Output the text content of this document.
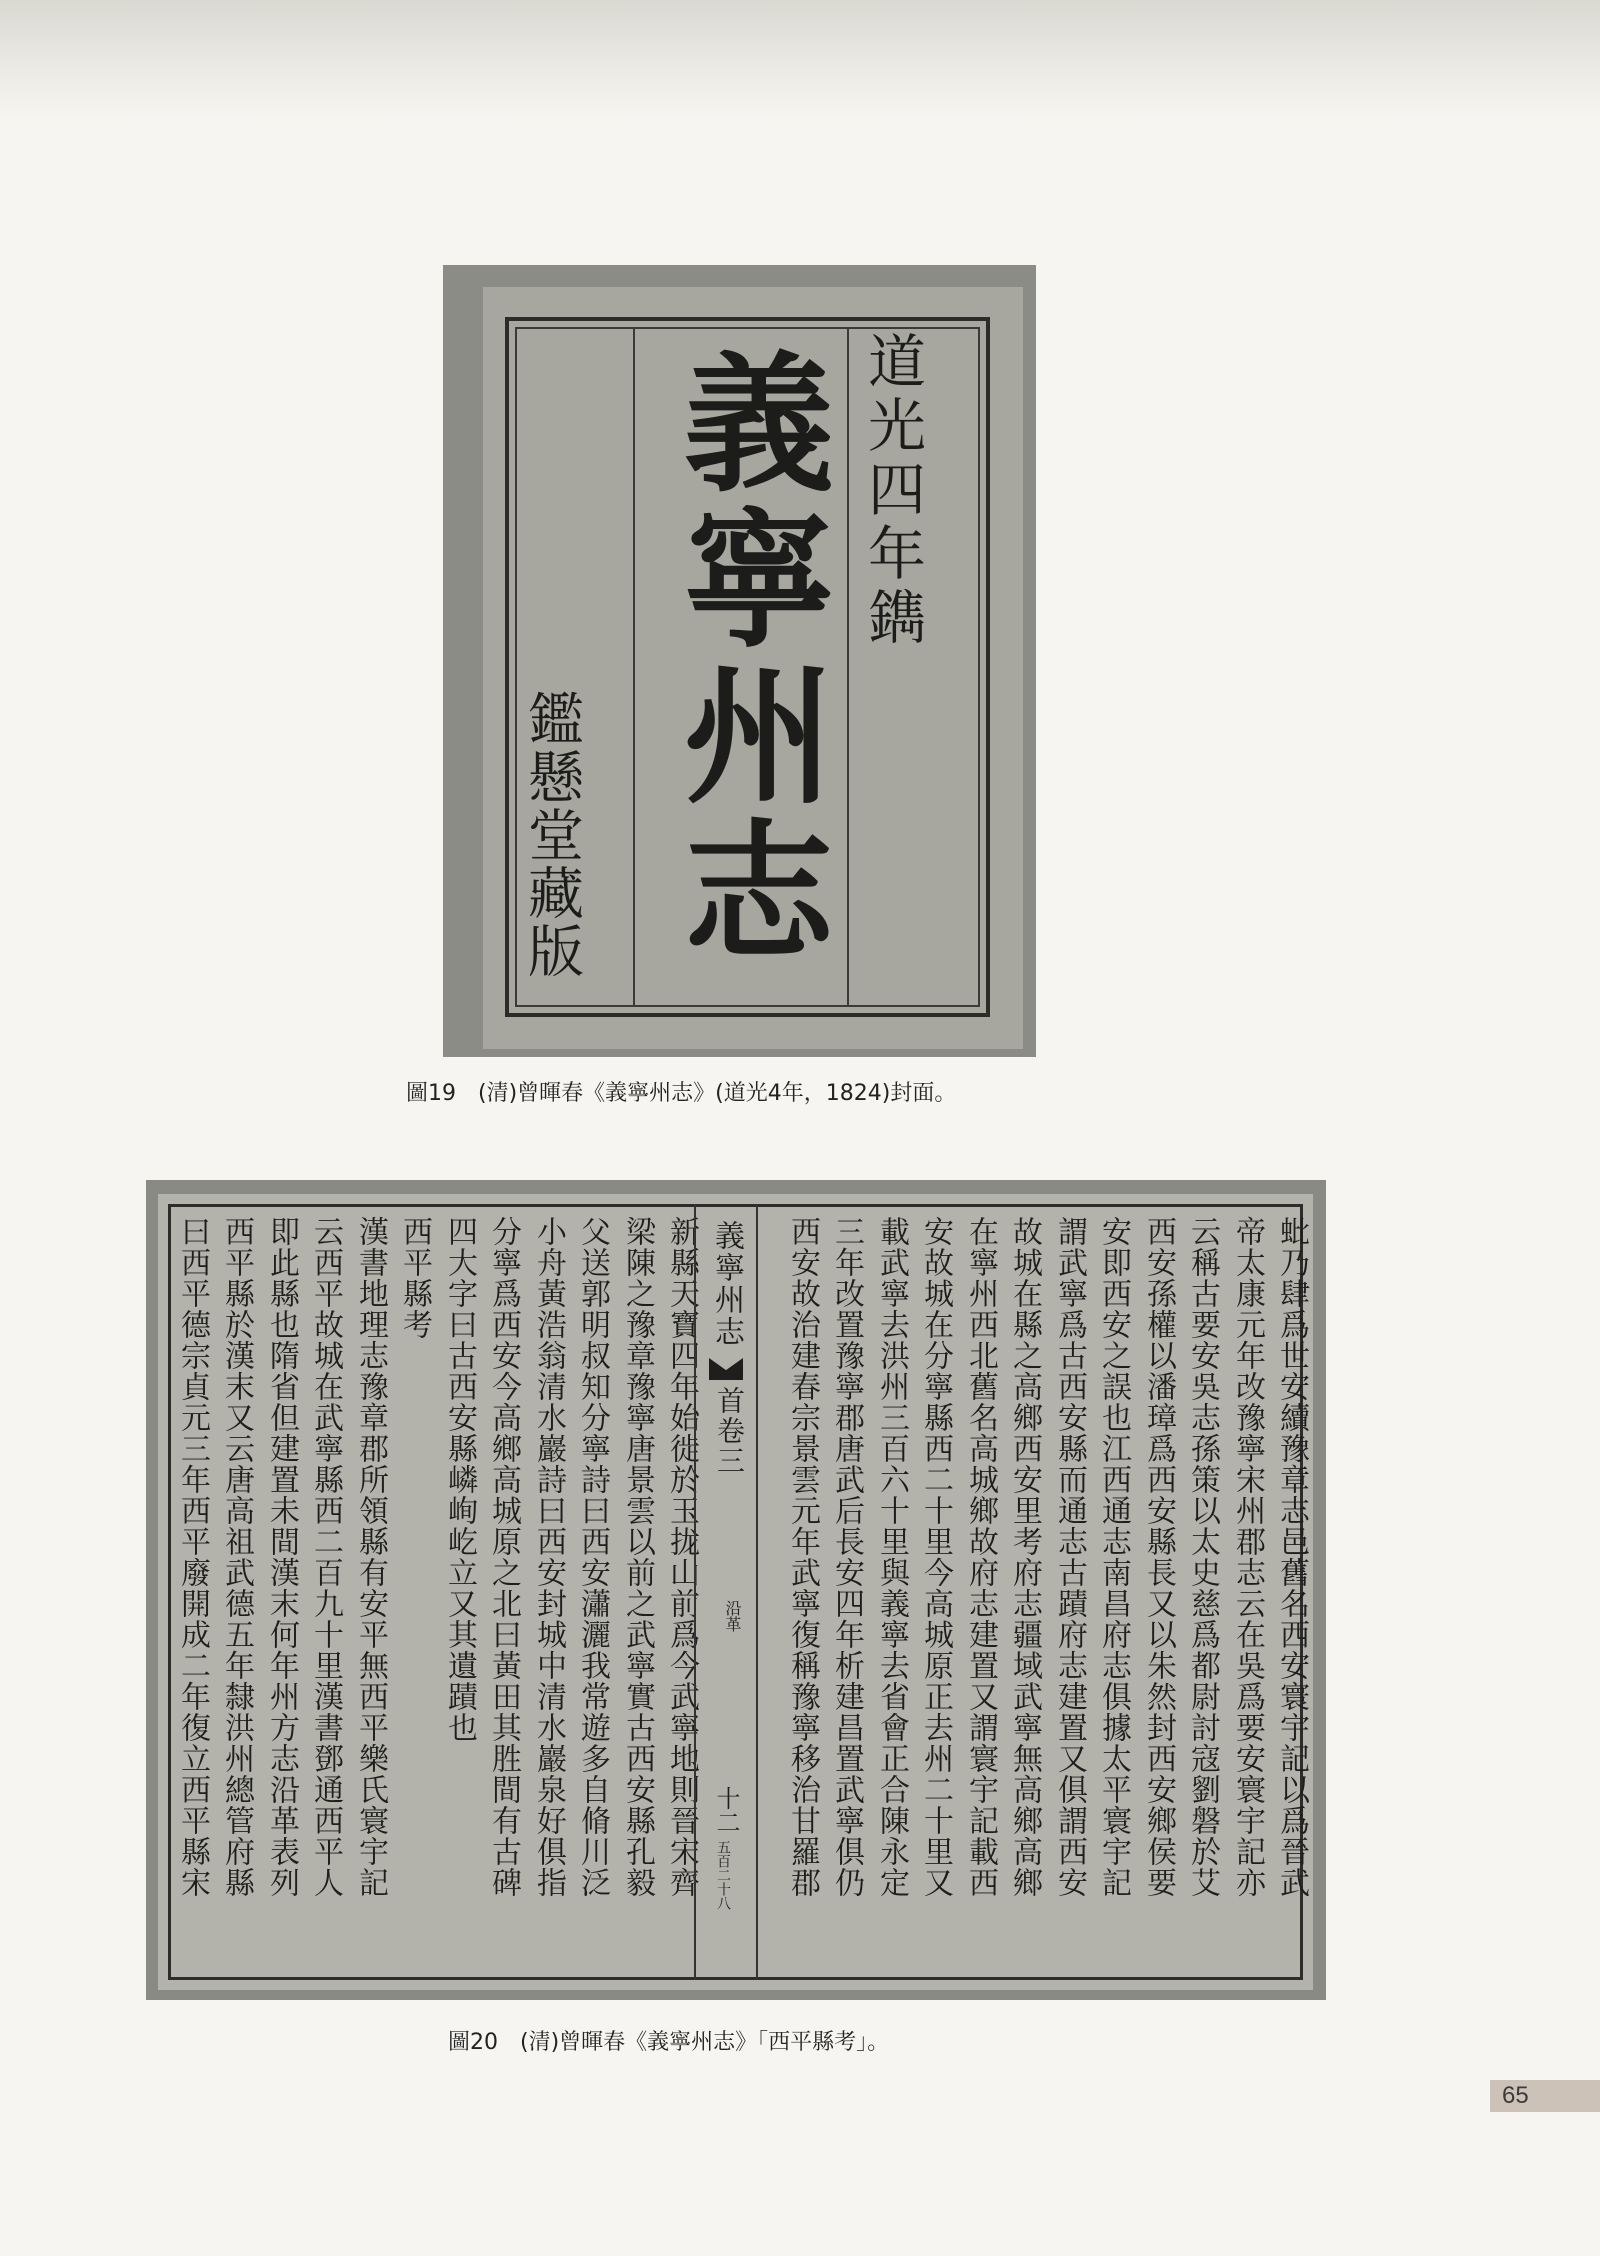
道光四年鐫
義寧州志
鑑懸堂藏版
圖19　(清)曾暉春《義寧州志》(道光4年，1824)封面。
蚍乃肆爲世安續豫章志邑舊名西安寰宇記以爲晉武
帝太康元年改豫寧宋州郡志云在吳爲要安寰宇記亦
云稱古要安吳志孫策以太史慈爲都尉討寇劉磐於艾
西安孫權以潘璋爲西安縣長又以朱然封西安鄉侯要
安即西安之誤也江西通志南昌府志俱據太平寰宇記
謂武寧爲古西安縣而通志古蹟府志建置又俱謂西安
故城在縣之高鄉西安里考府志疆域武寧無高鄉高鄉
在寧州西北舊名高城鄉故府志建置又謂寰宇記載西
安故城在分寧縣西二十里今高城原正去州二十里又
載武寧去洪州三百六十里與義寧去省會正合陳永定
三年改置豫寧郡唐武后長安四年析建昌置武寧俱仍
西安故治建春宗景雲元年武寧復稱豫寧移治甘羅郡
新縣天寶四年始徙於玉拢山前爲今武寧地則晉宋齊
梁陳之豫章豫寧唐景雲以前之武寧實古西安縣孔毅
父送郭明叔知分寧詩曰西安瀟灑我常遊多自脩川泛
小舟黃浩翁清水巖詩曰西安封城中清水巖泉好俱指
分寧爲西安今高鄉高城原之北曰黃田其胜間有古碑
四大字曰古西安縣嶙峋屹立又其遺蹟也
西平縣考
漢書地理志豫章郡所領縣有安平無西平樂氏寰宇記
云西平故城在武寧縣西二百九十里漢書鄧通西平人
即此縣也隋省但建置未間漢末何年州方志沿革表列
西平縣於漢末又云唐高祖武德五年隸洪州總管府縣
曰西平德宗貞元三年西平廢開成二年復立西平縣宋	義寧州志
首卷三
沿革
十二
五百二十八
圖20　(清)曾暉春《義寧州志》「西平縣考」。
65
